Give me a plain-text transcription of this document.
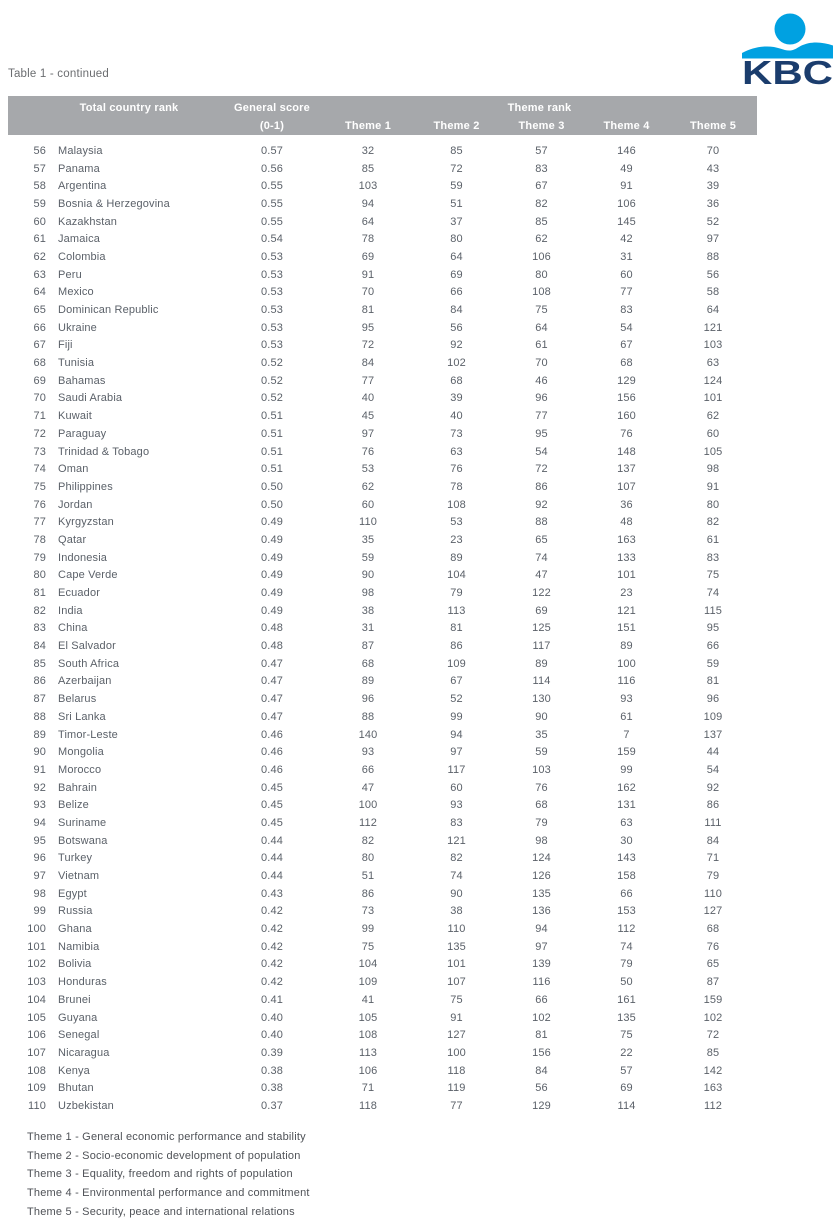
Table 1 - continued	KBC
Total country rank	General score	Theme rank
(0-1)	Theme 1	Theme 2	Theme 3	Theme 4	Theme 5
56	Malaysia	0.57	32	85	57	146	70
57	Panama	0.56	85	72	83	49	43
58	Argentina	0.55	103	59	67	91	39
59	Bosnia & Herzegovina	0.55	94	51	82	106	36
60	Kazakhstan	0.55	64	37	85	145	52
61	Jamaica	0.54	78	80	62	42	97
62	Colombia	0.53	69	64	106	31	88
63	Peru	0.53	91	69	80	60	56
64	Mexico	0.53	70	66	108	77	58
65	Dominican Republic	0.53	81	84	75	83	64
66	Ukraine	0.53	95	56	64	54	121
67	Fiji	0.53	72	92	61	67	103
68	Tunisia	0.52	84	102	70	68	63
69	Bahamas	0.52	77	68	46	129	124
70	Saudi Arabia	0.52	40	39	96	156	101
71	Kuwait	0.51	45	40	77	160	62
72	Paraguay	0.51	97	73	95	76	60
73	Trinidad & Tobago	0.51	76	63	54	148	105
74	Oman	0.51	53	76	72	137	98
75	Philippines	0.50	62	78	86	107	91
76	Jordan	0.50	60	108	92	36	80
77	Kyrgyzstan	0.49	110	53	88	48	82
78	Qatar	0.49	35	23	65	163	61
79	Indonesia	0.49	59	89	74	133	83
80	Cape Verde	0.49	90	104	47	101	75
81	Ecuador	0.49	98	79	122	23	74
82	India	0.49	38	113	69	121	115
83	China	0.48	31	81	125	151	95
84	El Salvador	0.48	87	86	117	89	66
85	South Africa	0.47	68	109	89	100	59
86	Azerbaijan	0.47	89	67	114	116	81
87	Belarus	0.47	96	52	130	93	96
88	Sri Lanka	0.47	88	99	90	61	109
89	Timor-Leste	0.46	140	94	35	7	137
90	Mongolia	0.46	93	97	59	159	44
91	Morocco	0.46	66	117	103	99	54
92	Bahrain	0.45	47	60	76	162	92
93	Belize	0.45	100	93	68	131	86
94	Suriname	0.45	112	83	79	63	111
95	Botswana	0.44	82	121	98	30	84
96	Turkey	0.44	80	82	124	143	71
97	Vietnam	0.44	51	74	126	158	79
98	Egypt	0.43	86	90	135	66	110
99	Russia	0.42	73	38	136	153	127
100	Ghana	0.42	99	110	94	112	68
101	Namibia	0.42	75	135	97	74	76
102	Bolivia	0.42	104	101	139	79	65
103	Honduras	0.42	109	107	116	50	87
104	Brunei	0.41	41	75	66	161	159
105	Guyana	0.40	105	91	102	135	102
106	Senegal	0.40	108	127	81	75	72
107	Nicaragua	0.39	113	100	156	22	85
108	Kenya	0.38	106	118	84	57	142
109	Bhutan	0.38	71	119	56	69	163
110	Uzbekistan	0.37	118	77	129	114	112
Theme 1 - General economic performance and stability
Theme 2 - Socio-economic development of population
Theme 3 - Equality, freedom and rights of population
Theme 4 - Environmental performance and commitment
Theme 5 - Security, peace and international relations
